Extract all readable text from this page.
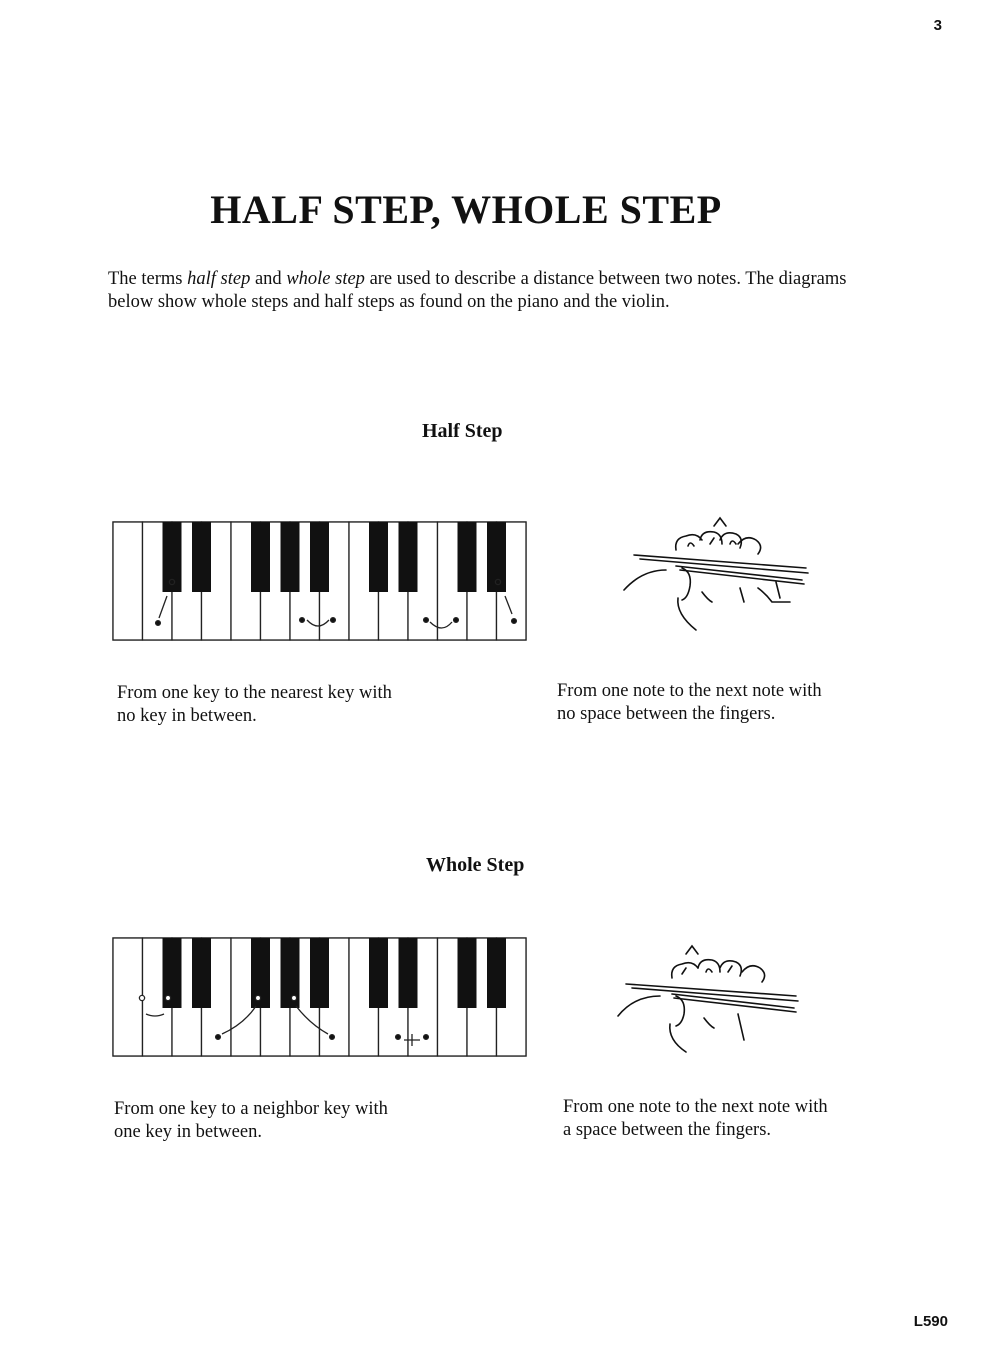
3
HALF STEP, WHOLE STEP

The terms half step and whole step are used to describe a distance between two notes. The diagrams below show whole steps and half steps as found on the piano and the violin.

Half Step

From one key to the nearest key with
no key in between.

From one note to the next note with
no space between the fingers.

Whole Step

From one key to a neighbor key with
one key in between.

From one note to the next note with
a space between the fingers.

L590
